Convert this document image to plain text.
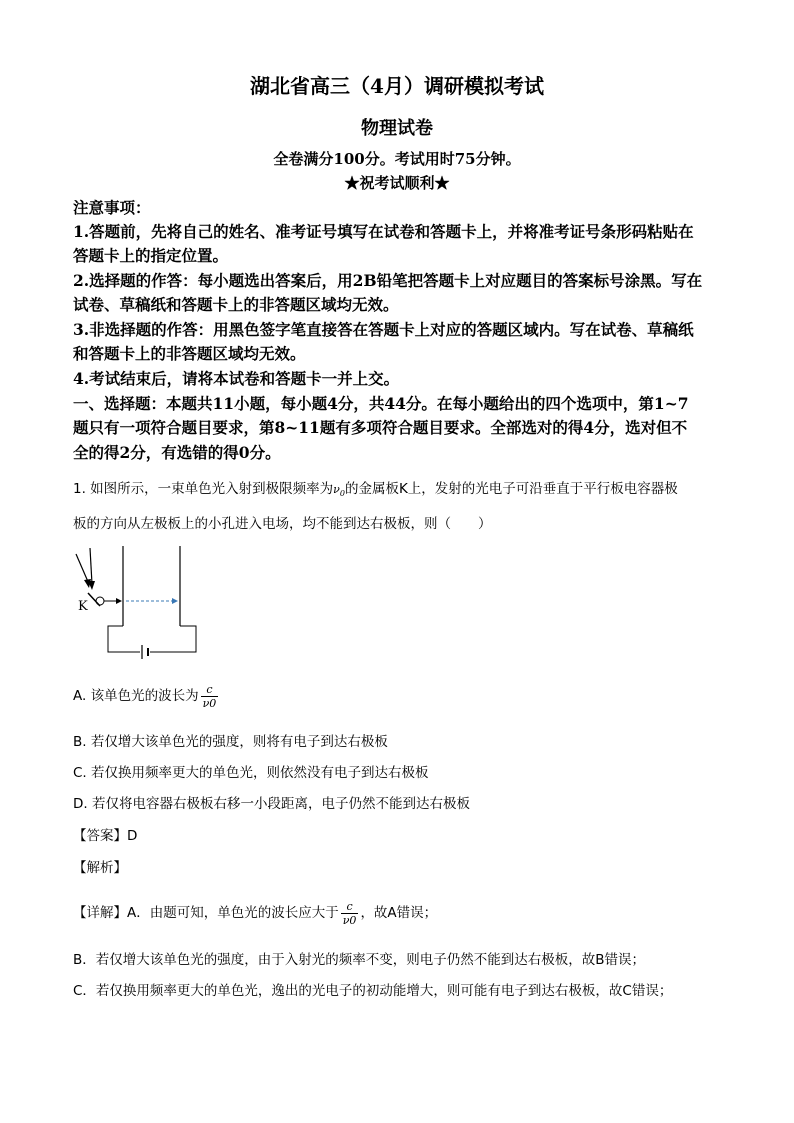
湖北省高三（4月）调研模拟考试
物理试卷
全卷满分100分。考试用时75分钟。
★祝考试顺利★
注意事项：
1.答题前，先将自己的姓名、准考证号填写在试卷和答题卡上，并将准考证号条形码粘贴在
答题卡上的指定位置。
2.选择题的作答：每小题选出答案后，用2B铅笔把答题卡上对应题目的答案标号涂黑。写在
试卷、草稿纸和答题卡上的非答题区域均无效。
3.非选择题的作答：用黑色签字笔直接答在答题卡上对应的答题区域内。写在试卷、草稿纸
和答题卡上的非答题区域均无效。
4.考试结束后，请将本试卷和答题卡一并上交。
一、选择题：本题共11小题，每小题4分，共44分。在每小题给出的四个选项中，第1~7
题只有一项符合题目要求，第8~11题有多项符合题目要求。全部选对的得4分，选对但不
全的得2分，有选错的得0分。
1. 如图所示，一束单色光入射到极限频率为$\nu_0$的金属板K上，发射的光电子可沿垂直于平行板电容器极
板的方向从左极板上的小孔进入电场，均不能到达右极板，则（　　）
K
A. 该单色光的波长为 $\frac{c}{\nu 0}$
B. 若仅增大该单色光的强度，则将有电子到达右极板
C. 若仅换用频率更大的单色光，则依然没有电子到达右极板
D. 若仅将电容器右极板右移一小段距离，电子仍然不能到达右极板
【答案】D
【解析】
【详解】A．由题可知，单色光的波长应大于 $\frac{c}{\nu 0}$ ，故A错误；
B．若仅增大该单色光的强度，由于入射光的频率不变，则电子仍然不能到达右极板，故B错误；
C．若仅换用频率更大的单色光，逸出的光电子的初动能增大，则可能有电子到达右极板，故C错误；
